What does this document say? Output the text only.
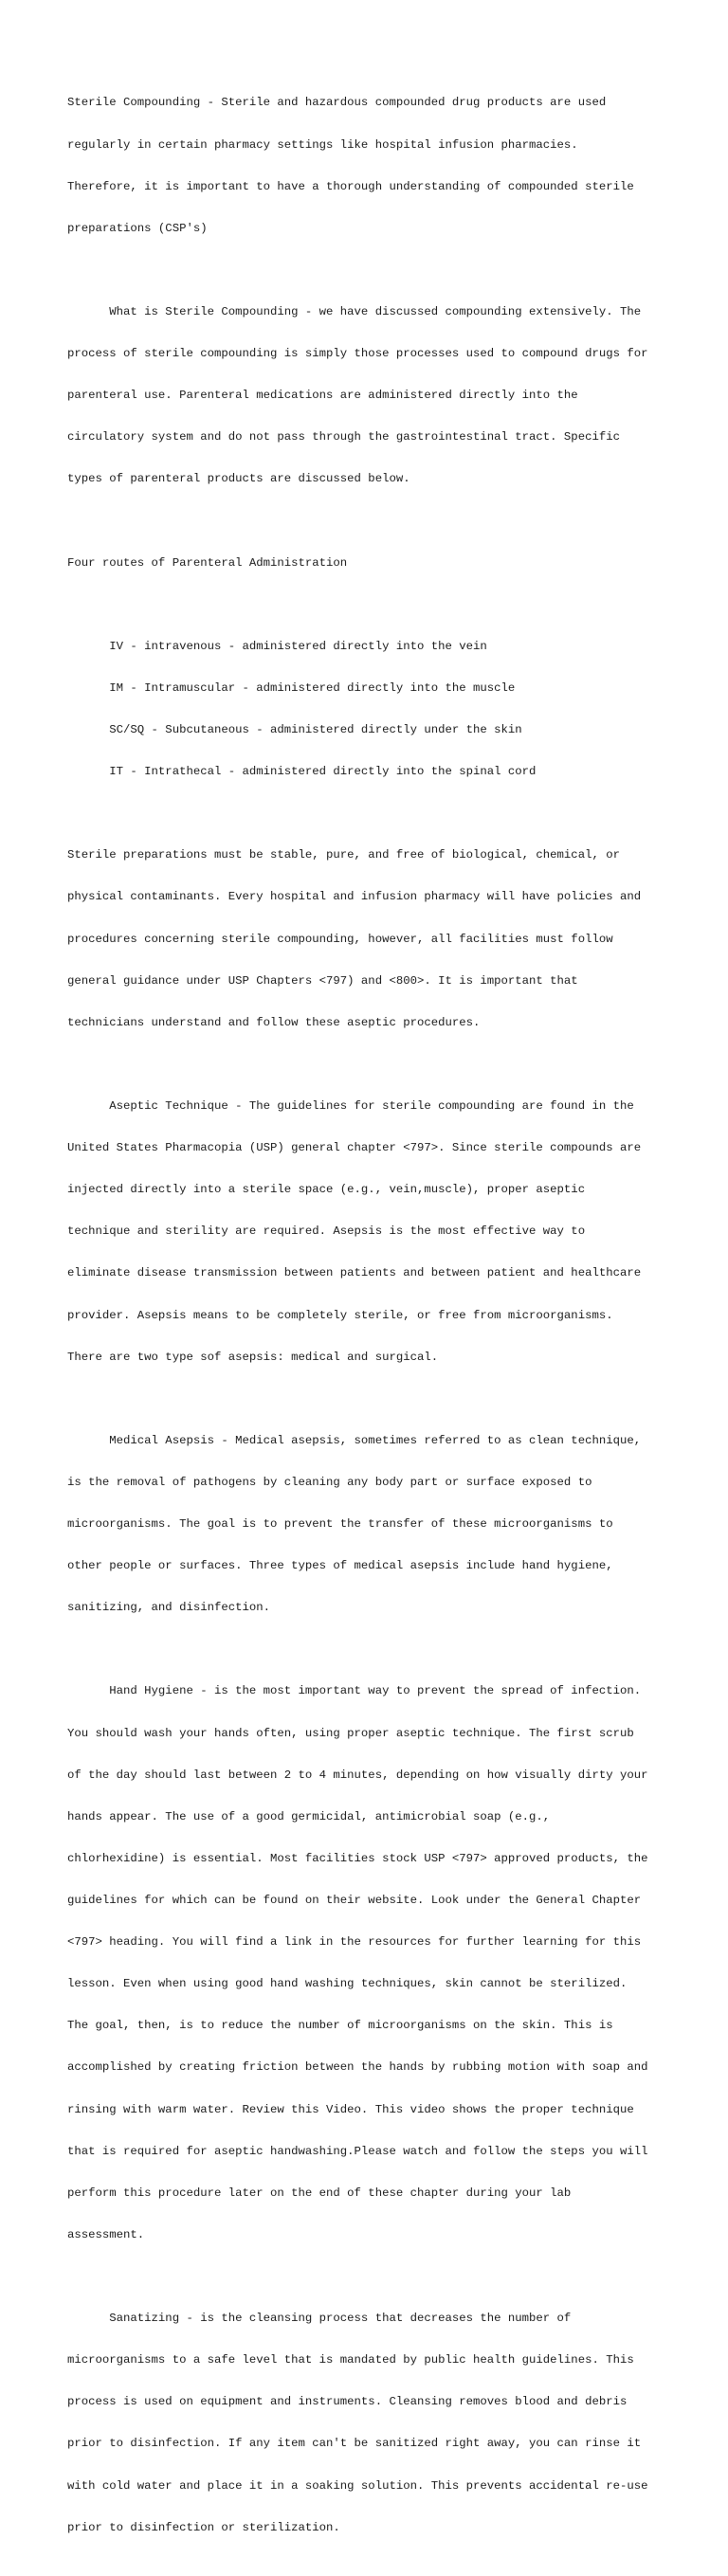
Sterile Compounding - Sterile and hazardous compounded drug products are used

regularly in certain pharmacy settings like hospital infusion pharmacies.

Therefore, it is important to have a thorough understanding of compounded sterile

preparations (CSP's)

What is Sterile Compounding - we have discussed compounding extensively. The

process of sterile compounding is simply those processes used to compound drugs for

parenteral use. Parenteral medications are administered directly into the

circulatory system and do not pass through the gastrointestinal tract. Specific

types of parenteral products are discussed below.

Four routes of Parenteral Administration

IV - intravenous - administered directly into the vein

IM - Intramuscular - administered directly into the muscle

SC/SQ - Subcutaneous - administered directly under the skin

IT - Intrathecal - administered directly into the spinal cord

Sterile preparations must be stable, pure, and free of biological, chemical, or

physical contaminants. Every hospital and infusion pharmacy will have policies and

procedures concerning sterile compounding, however, all facilities must follow

general guidance under USP Chapters <797) and <800>. It is important that

technicians understand and follow these aseptic procedures.

Aseptic Technique - The guidelines for sterile compounding are found in the

United States Pharmacopia (USP) general chapter <797>. Since sterile compounds are

injected directly into a sterile space (e.g., vein,muscle), proper aseptic

technique and sterility are required. Asepsis is the most effective way to

eliminate disease transmission between patients and between patient and healthcare

provider. Asepsis means to be completely sterile, or free from microorganisms.

There are two type sof asepsis: medical and surgical.

Medical Asepsis - Medical asepsis, sometimes referred to as clean technique,

is the removal of pathogens by cleaning any body part or surface exposed to

microorganisms. The goal is to prevent the transfer of these microorganisms to

other people or surfaces. Three types of medical asepsis include hand hygiene,

sanitizing, and disinfection.

Hand Hygiene - is the most important way to prevent the spread of infection.

You should wash your hands often, using proper aseptic technique. The first scrub

of the day should last between 2 to 4 minutes, depending on how visually dirty your

hands appear. The use of a good germicidal, antimicrobial soap (e.g.,

chlorhexidine) is essential. Most facilities stock USP <797> approved products, the

guidelines for which can be found on their website. Look under the General Chapter

<797> heading. You will find a link in the resources for further learning for this

lesson. Even when using good hand washing techniques, skin cannot be sterilized.

The goal, then, is to reduce the number of microorganisms on the skin. This is

accomplished by creating friction between the hands by rubbing motion with soap and

rinsing with warm water. Review this Video. This video shows the proper technique

that is required for aseptic handwashing.Please watch and follow the steps you will

perform this procedure later on the end of these chapter during your lab

assessment.

Sanatizing - is the cleansing process that decreases the number of

microorganisms to a safe level that is mandated by public health guidelines. This

process is used on equipment and instruments. Cleansing removes blood and debris

prior to disinfection. If any item can't be sanitized right away, you can rinse it

with cold water and place it in a soaking solution. This prevents accidental re-use

prior to disinfection or sterilization.
